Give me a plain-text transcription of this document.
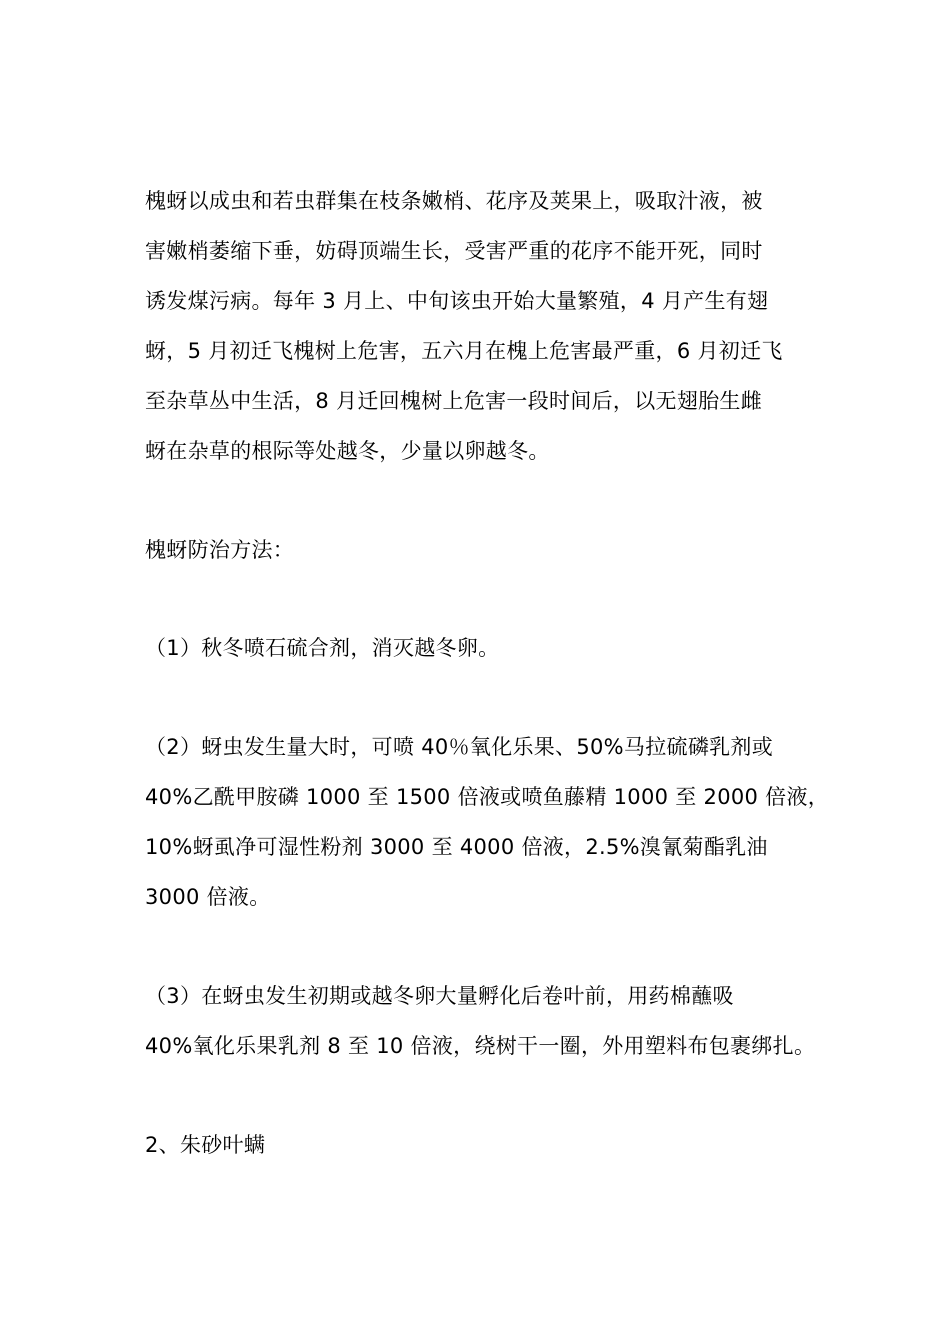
槐蚜以成虫和若虫群集在枝条嫩梢、花序及荚果上，吸取汁液，被
害嫩梢萎缩下垂，妨碍顶端生长，受害严重的花序不能开死，同时
诱发煤污病。每年 3 月上、中旬该虫开始大量繁殖，4 月产生有翅
蚜，5 月初迁飞槐树上危害，五六月在槐上危害最严重，6 月初迁飞
至杂草丛中生活，8 月迁回槐树上危害一段时间后，以无翅胎生雌
蚜在杂草的根际等处越冬，少量以卵越冬。
槐蚜防治方法：
（1）秋冬喷石硫合剂，消灭越冬卵。
（2）蚜虫发生量大时，可喷 40％氧化乐果、50%马拉硫磷乳剂或
40%乙酰甲胺磷 1000 至 1500 倍液或喷鱼藤精 1000 至 2000 倍液，
10%蚜虱净可湿性粉剂 3000 至 4000 倍液，2.5%溴氰菊酯乳油
3000 倍液。
（3）在蚜虫发生初期或越冬卵大量孵化后卷叶前，用药棉蘸吸
40%氧化乐果乳剂 8 至 10 倍液，绕树干一圈，外用塑料布包裹绑扎。
2、朱砂叶螨
